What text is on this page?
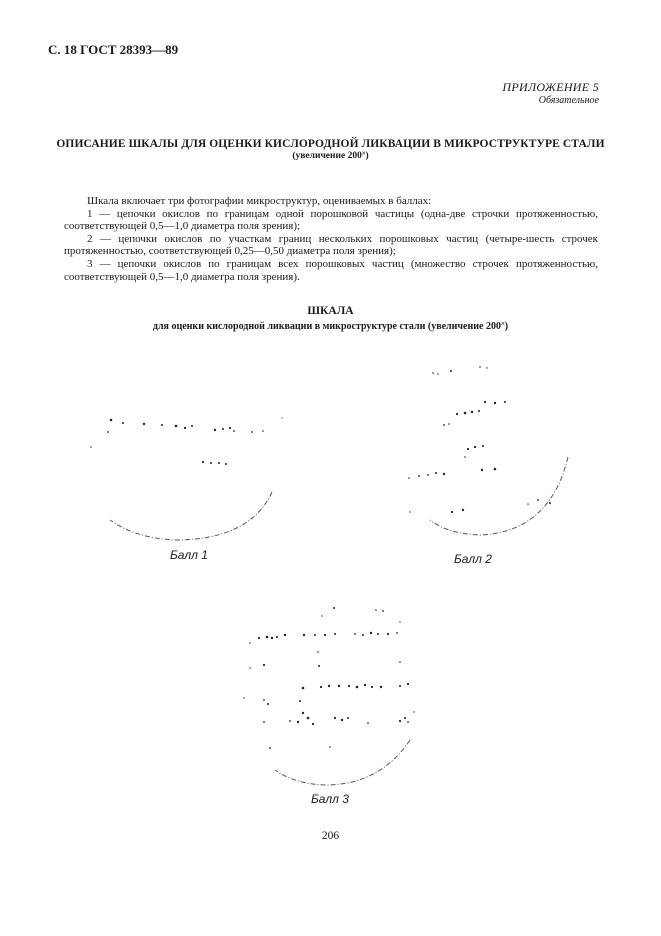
С. 18 ГОСТ 28393—89
ПРИЛОЖЕНИЕ 5
Обязательное
ОПИСАНИЕ ШКАЛЫ ДЛЯ ОЦЕНКИ КИСЛОРОДНОЙ ЛИКВАЦИИ В МИКРОСТРУКТУРЕ СТАЛИ
(увеличение 200˟)

Шкала включает три фотографии микроструктур, оцениваемых в баллах:

1 — цепочки окислов по границам одной порошковой частицы (одна-две строчки протяженностью, соответствующей 0,5—1,0 диаметра поля зрения);

2 — цепочки окислов по участкам границ нескольких порошковых частиц (четыре-шесть строчек протяженностью, соответствующей 0,25—0,50 диаметра поля зрения);

3 — цепочки окислов по границам всех порошковых частиц (множество строчек протяженностью, соответствующей 0,5—1,0 диаметра поля зрения).

ШКАЛА
для оценки кислородной ликвации в микроструктуре стали (увеличение 200˟)
Балл 1	Балл 2
Балл 3
206
